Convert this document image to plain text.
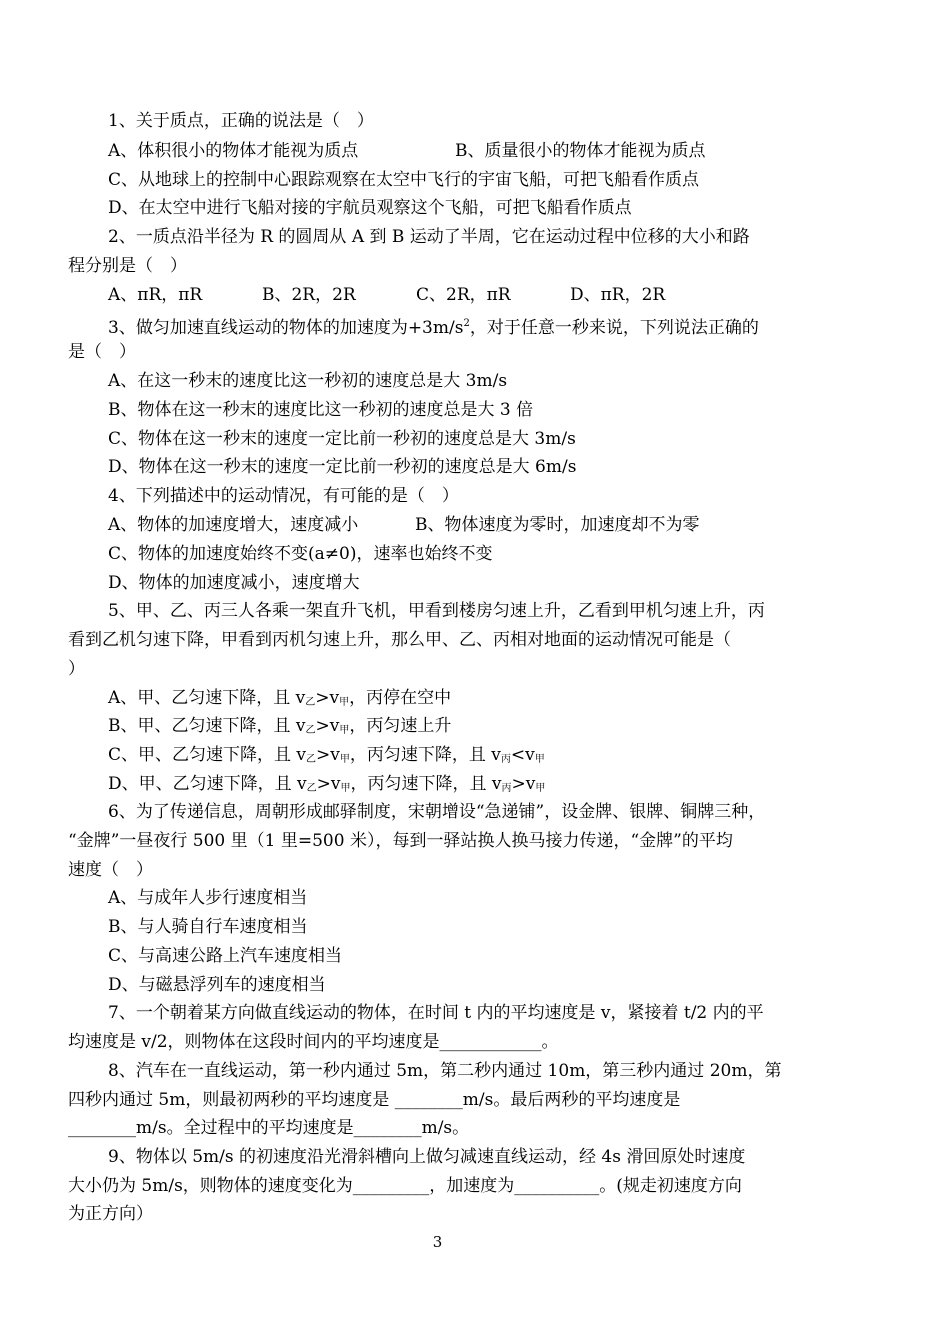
1、关于质点，正确的说法是（　）
A、体积很小的物体才能视为质点	B、质量很小的物体才能视为质点
C、从地球上的控制中心跟踪观察在太空中飞行的宇宙飞船，可把飞船看作质点
D、在太空中进行飞船对接的宇航员观察这个飞船，可把飞船看作质点
2、一质点沿半径为 R 的圆周从 A 到 B 运动了半周，它在运动过程中位移的大小和路
程分别是（　）
A、πR，πR	B、2R，2R	C、2R，πR	D、πR，2R
3、做匀加速直线运动的物体的加速度为$+3m/s^2$，对于任意一秒来说，下列说法正确的
是（　）
A、在这一秒末的速度比这一秒初的速度总是大 3m/s
B、物体在这一秒末的速度比这一秒初的速度总是大 3 倍
C、物体在这一秒末的速度一定比前一秒初的速度总是大 3m/s
D、物体在这一秒末的速度一定比前一秒初的速度总是大 6m/s
4、下列描述中的运动情况，有可能的是（　）
A、物体的加速度增大，速度减小	B、物体速度为零时，加速度却不为零
C、物体的加速度始终不变(a≠0)，速率也始终不变
D、物体的加速度减小，速度增大
5、甲、乙、丙三人各乘一架直升飞机，甲看到楼房匀速上升，乙看到甲机匀速上升，丙
看到乙机匀速下降，甲看到丙机匀速上升，那么甲、乙、丙相对地面的运动情况可能是（
）
A、甲、乙匀速下降，且 $v_乙>v_甲$，丙停在空中
B、甲、乙匀速下降，且 $v_乙>v_甲$，丙匀速上升
C、甲、乙匀速下降，且 $v_乙>v_甲$，丙匀速下降，且 $v_丙<v_甲$
D、甲、乙匀速下降，且 $v_乙>v_甲$，丙匀速下降，且 $v_丙>v_甲$
6、为了传递信息，周朝形成邮驿制度，宋朝增设“急递铺”，设金牌、银牌、铜牌三种，
“金牌”一昼夜行 500 里（1 里=500 米），每到一驿站换人换马接力传递，“金牌”的平均
速度（　）
A、与成年人步行速度相当
B、与人骑自行车速度相当
C、与高速公路上汽车速度相当
D、与磁悬浮列车的速度相当
7、一个朝着某方向做直线运动的物体，在时间 t 内的平均速度是 v，紧接着 t/2 内的平
均速度是 v/2，则物体在这段时间内的平均速度是____________。
8、汽车在一直线运动，第一秒内通过 5m，第二秒内通过 10m，第三秒内通过 20m，第
四秒内通过 5m，则最初两秒的平均速度是 ________m/s。最后两秒的平均速度是
________m/s。全过程中的平均速度是________m/s。
9、物体以 5m/s 的初速度沿光滑斜槽向上做匀减速直线运动，经 4s 滑回原处时速度
大小仍为 5m/s，则物体的速度变化为_________，加速度为__________。(规走初速度方向
为正方向）
3
